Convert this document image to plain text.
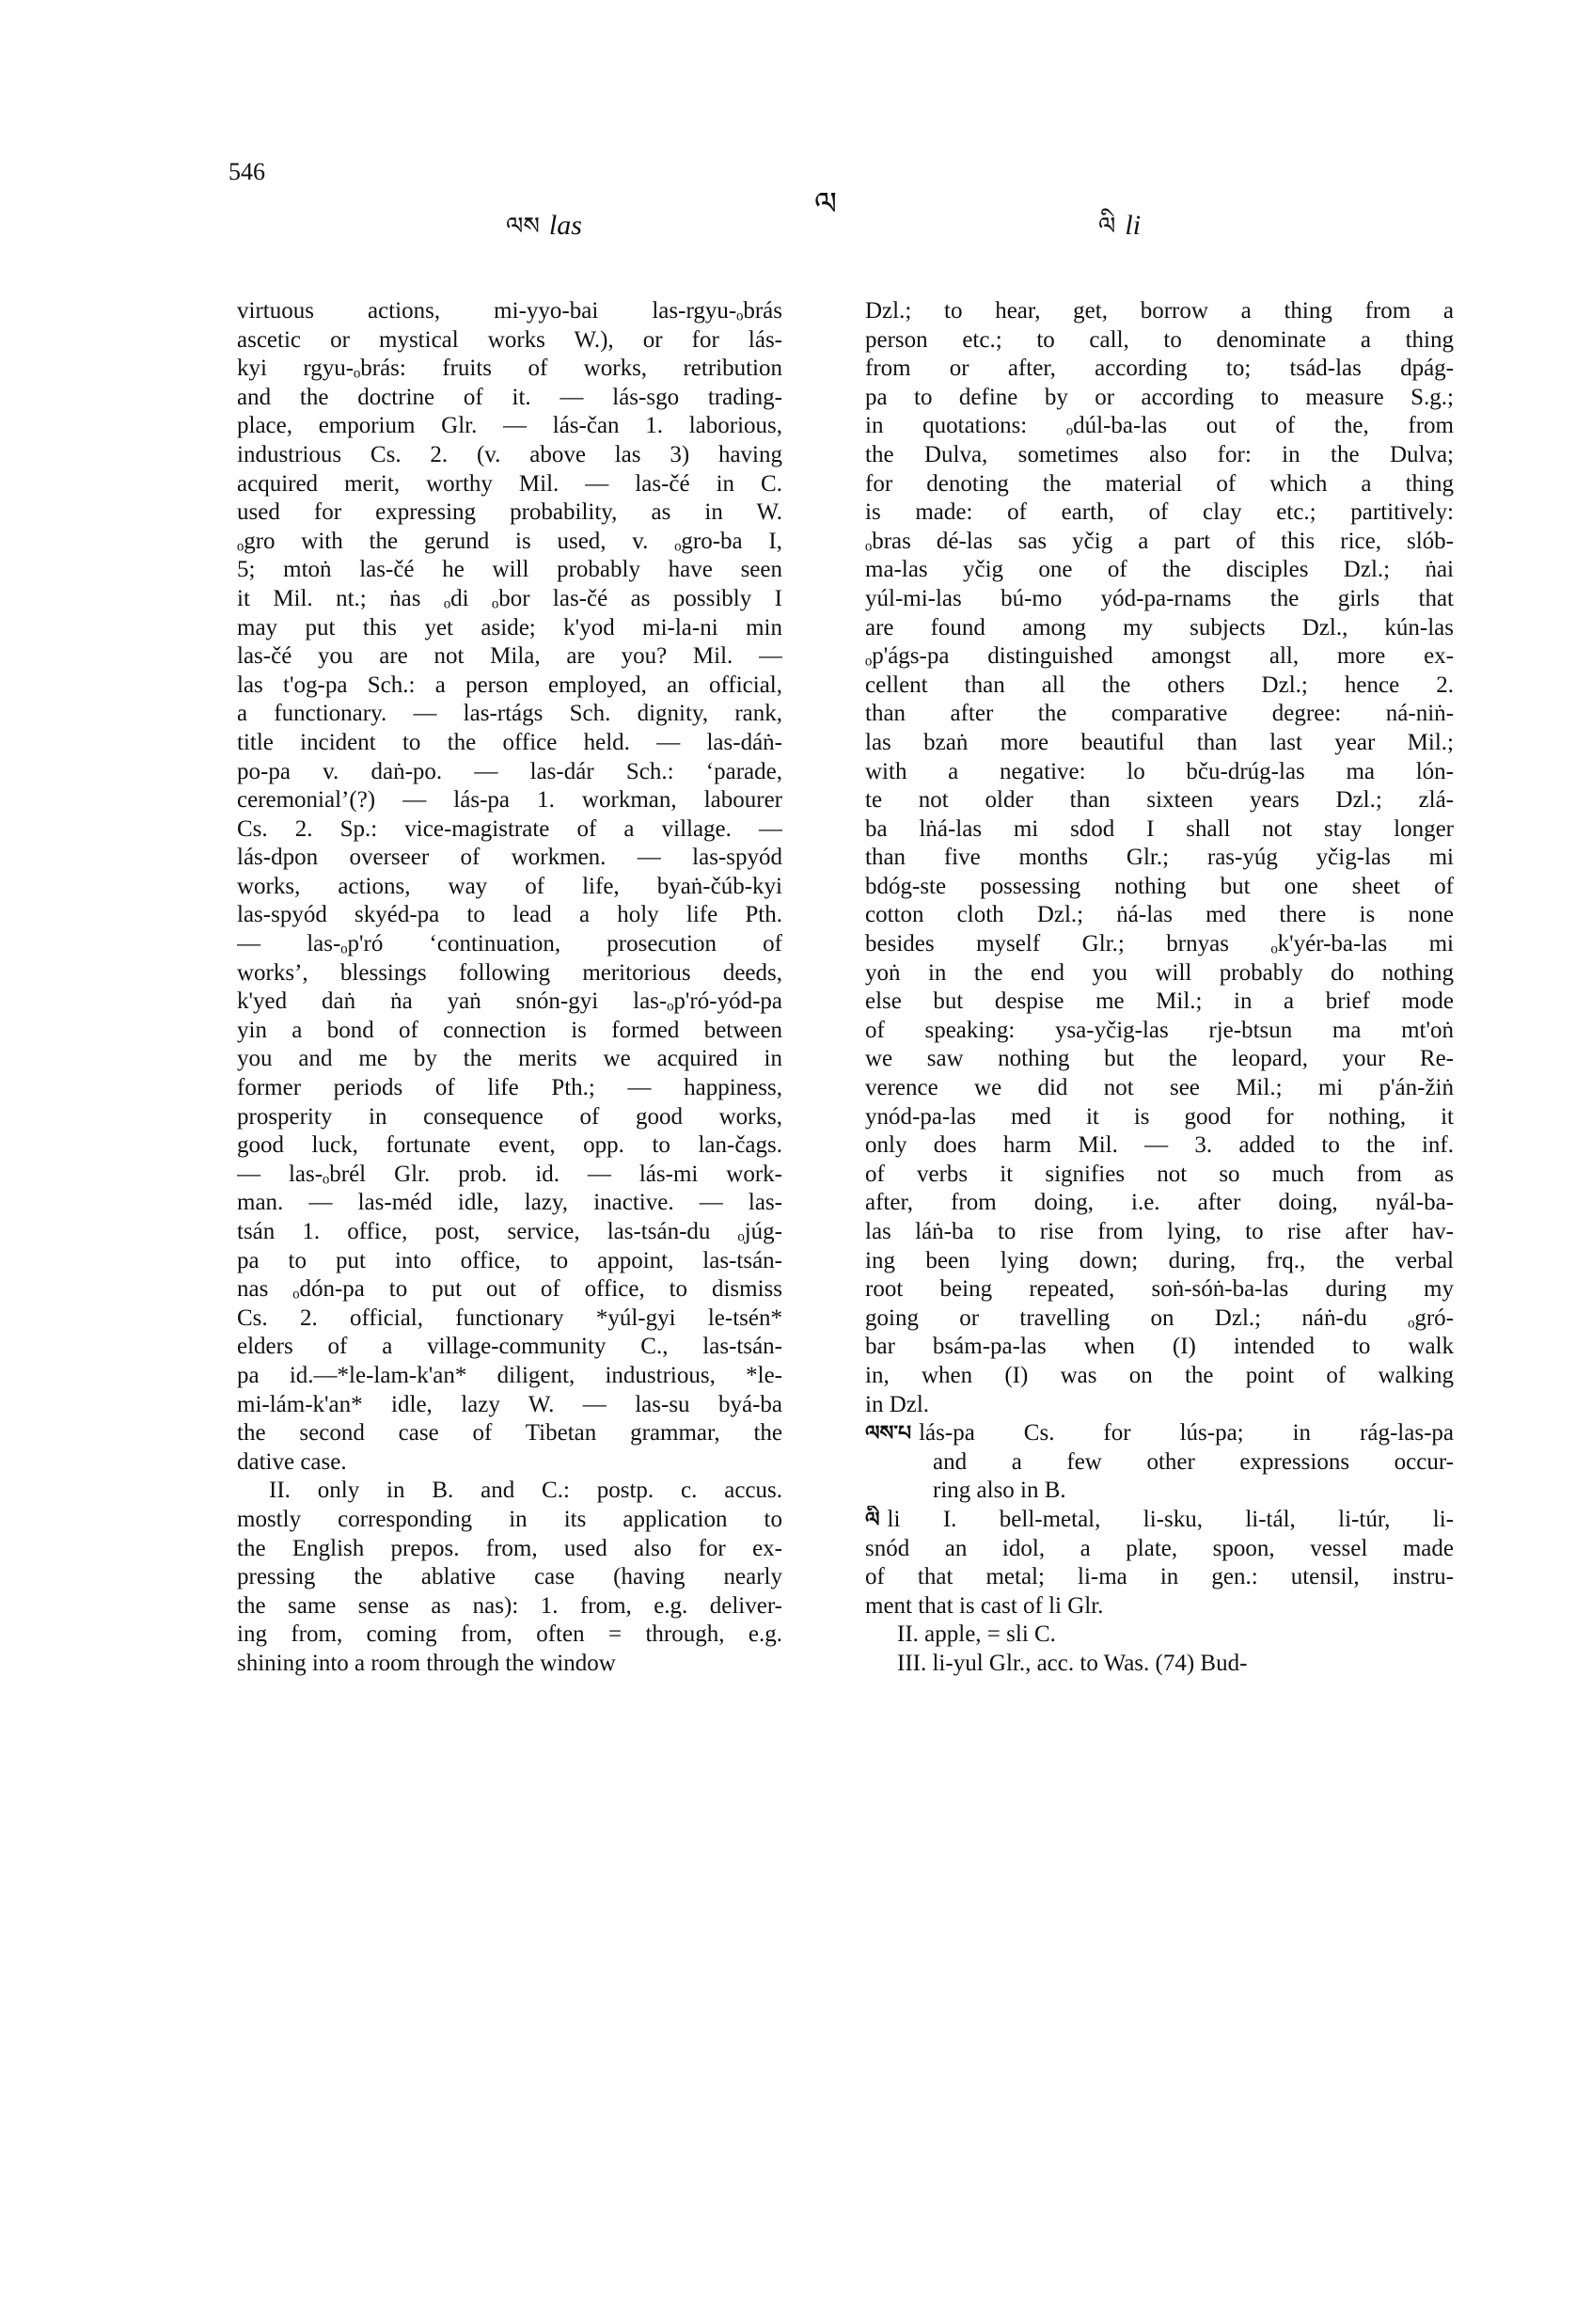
546
ལ
ལས las	ལི li
virtuous actions, mi-yyo-bai las-rgyu-ₒbrás
ascetic or mystical works W.), or for lás-
kyi rgyu-ₒbrás: fruits of works, retribution
and the doctrine of it. — lás-sgo trading-
place, emporium Glr. — lás-čan 1. laborious,
industrious Cs. 2. (v. above las 3) having
acquired merit, worthy Mil. — las-čé in C.
used for expressing probability, as in W.
ₒgro with the gerund is used, v. ₒgro-ba I,
5; mtoṅ las-čé he will probably have seen
it Mil. nt.; ṅas ₒdi ₒbor las-čé as possibly I
may put this yet aside; k'yod mi-la-ni min
las-čé you are not Mila, are you? Mil. —
las t'og-pa Sch.: a person employed, an official,
a functionary. — las-rtágs Sch. dignity, rank,
title incident to the office held. — las-dáṅ-
po-pa v. daṅ-po. — las-dár Sch.: ‘parade,
ceremonial’(?) — lás-pa 1. workman, labourer
Cs. 2. Sp.: vice-magistrate of a village. —
lás-dpon overseer of workmen. — las-spyód
works, actions, way of life, byaṅ-čúb-kyi
las-spyód skyéd-pa to lead a holy life Pth.
— las-ₒp'ró ‘continuation, prosecution of
works’, blessings following meritorious deeds,
k'yed daṅ ṅa yaṅ snón-gyi las-ₒp'ró-yód-pa
yin a bond of connection is formed between
you and me by the merits we acquired in
former periods of life Pth.; — happiness,
prosperity in consequence of good works,
good luck, fortunate event, opp. to lan-čags.
— las-ₒbrél Glr. prob. id. — lás-mi work-
man. — las-méd idle, lazy, inactive. — las-
tsán 1. office, post, service, las-tsán-du ₒjúg-
pa to put into office, to appoint, las-tsán-
nas ₒdón-pa to put out of office, to dismiss
Cs. 2. official, functionary *yúl-gyi le-tsén*
elders of a village-community C., las-tsán-
pa id.—*le-lam-k'an* diligent, industrious, *le-
mi-lám-k'an* idle, lazy W. — las-su byá-ba
the second case of Tibetan grammar, the
dative case.
II. only in B. and C.: postp. c. accus.
mostly corresponding in its application to
the English prepos. from, used also for ex-
pressing the ablative case (having nearly
the same sense as nas): 1. from, e.g. deliver-
ing from, coming from, often = through, e.g.
shining into a room through the window
Dzl.; to hear, get, borrow a thing from a
person etc.; to call, to denominate a thing
from or after, according to; tsád-las dpág-
pa to define by or according to measure S.g.;
in quotations: ₒdúl-ba-las out of the, from
the Dulva, sometimes also for: in the Dulva;
for denoting the material of which a thing
is made: of earth, of clay etc.; partitively:
ₒbras dé-las sas yčig a part of this rice, slób-
ma-las yčig one of the disciples Dzl.; ṅai
yúl-mi-las bú-mo yód-pa-rnams the girls that
are found among my subjects Dzl., kún-las
ₒp'ágs-pa distinguished amongst all, more ex-
cellent than all the others Dzl.; hence 2.
than after the comparative degree: ná-niṅ-
las bzaṅ more beautiful than last year Mil.;
with a negative: lo bču-drúg-las ma lón-
te not older than sixteen years Dzl.; zlá-
ba lṅá-las mi sdod I shall not stay longer
than five months Glr.; ras-yúg yčig-las mi
bdóg-ste possessing nothing but one sheet of
cotton cloth Dzl.; ṅá-las med there is none
besides myself Glr.; brnyas ₒk'yér-ba-las mi
yoṅ in the end you will probably do nothing
else but despise me Mil.; in a brief mode
of speaking: ysa-yčig-las rje-btsun ma mt'oṅ
we saw nothing but the leopard, your Re-
verence we did not see Mil.; mi p'án-žiṅ
ynód-pa-las med it is good for nothing, it
only does harm Mil. — 3. added to the inf.
of verbs it signifies not so much from as
after, from doing, i.e. after doing, nyál-ba-
las láṅ-ba to rise from lying, to rise after hav-
ing been lying down; during, frq., the verbal
root being repeated, soṅ-sóṅ-ba-las during my
going or travelling on Dzl.; náṅ-du ₒgró-
bar bsám-pa-las when (I) intended to walk
in, when (I) was on the point of walking
in Dzl.
ལས་པ lás-pa Cs. for lús-pa; in rág-las-pa
and a few other expressions occur-
ring also in B.
ལི li I. bell-metal, li-sku, li-tál, li-túr, li-
snód an idol, a plate, spoon, vessel made
of that metal; li-ma in gen.: utensil, instru-
ment that is cast of li Glr.
II. apple, = sli C.
III. li-yul Glr., acc. to Was. (74) Bud-
